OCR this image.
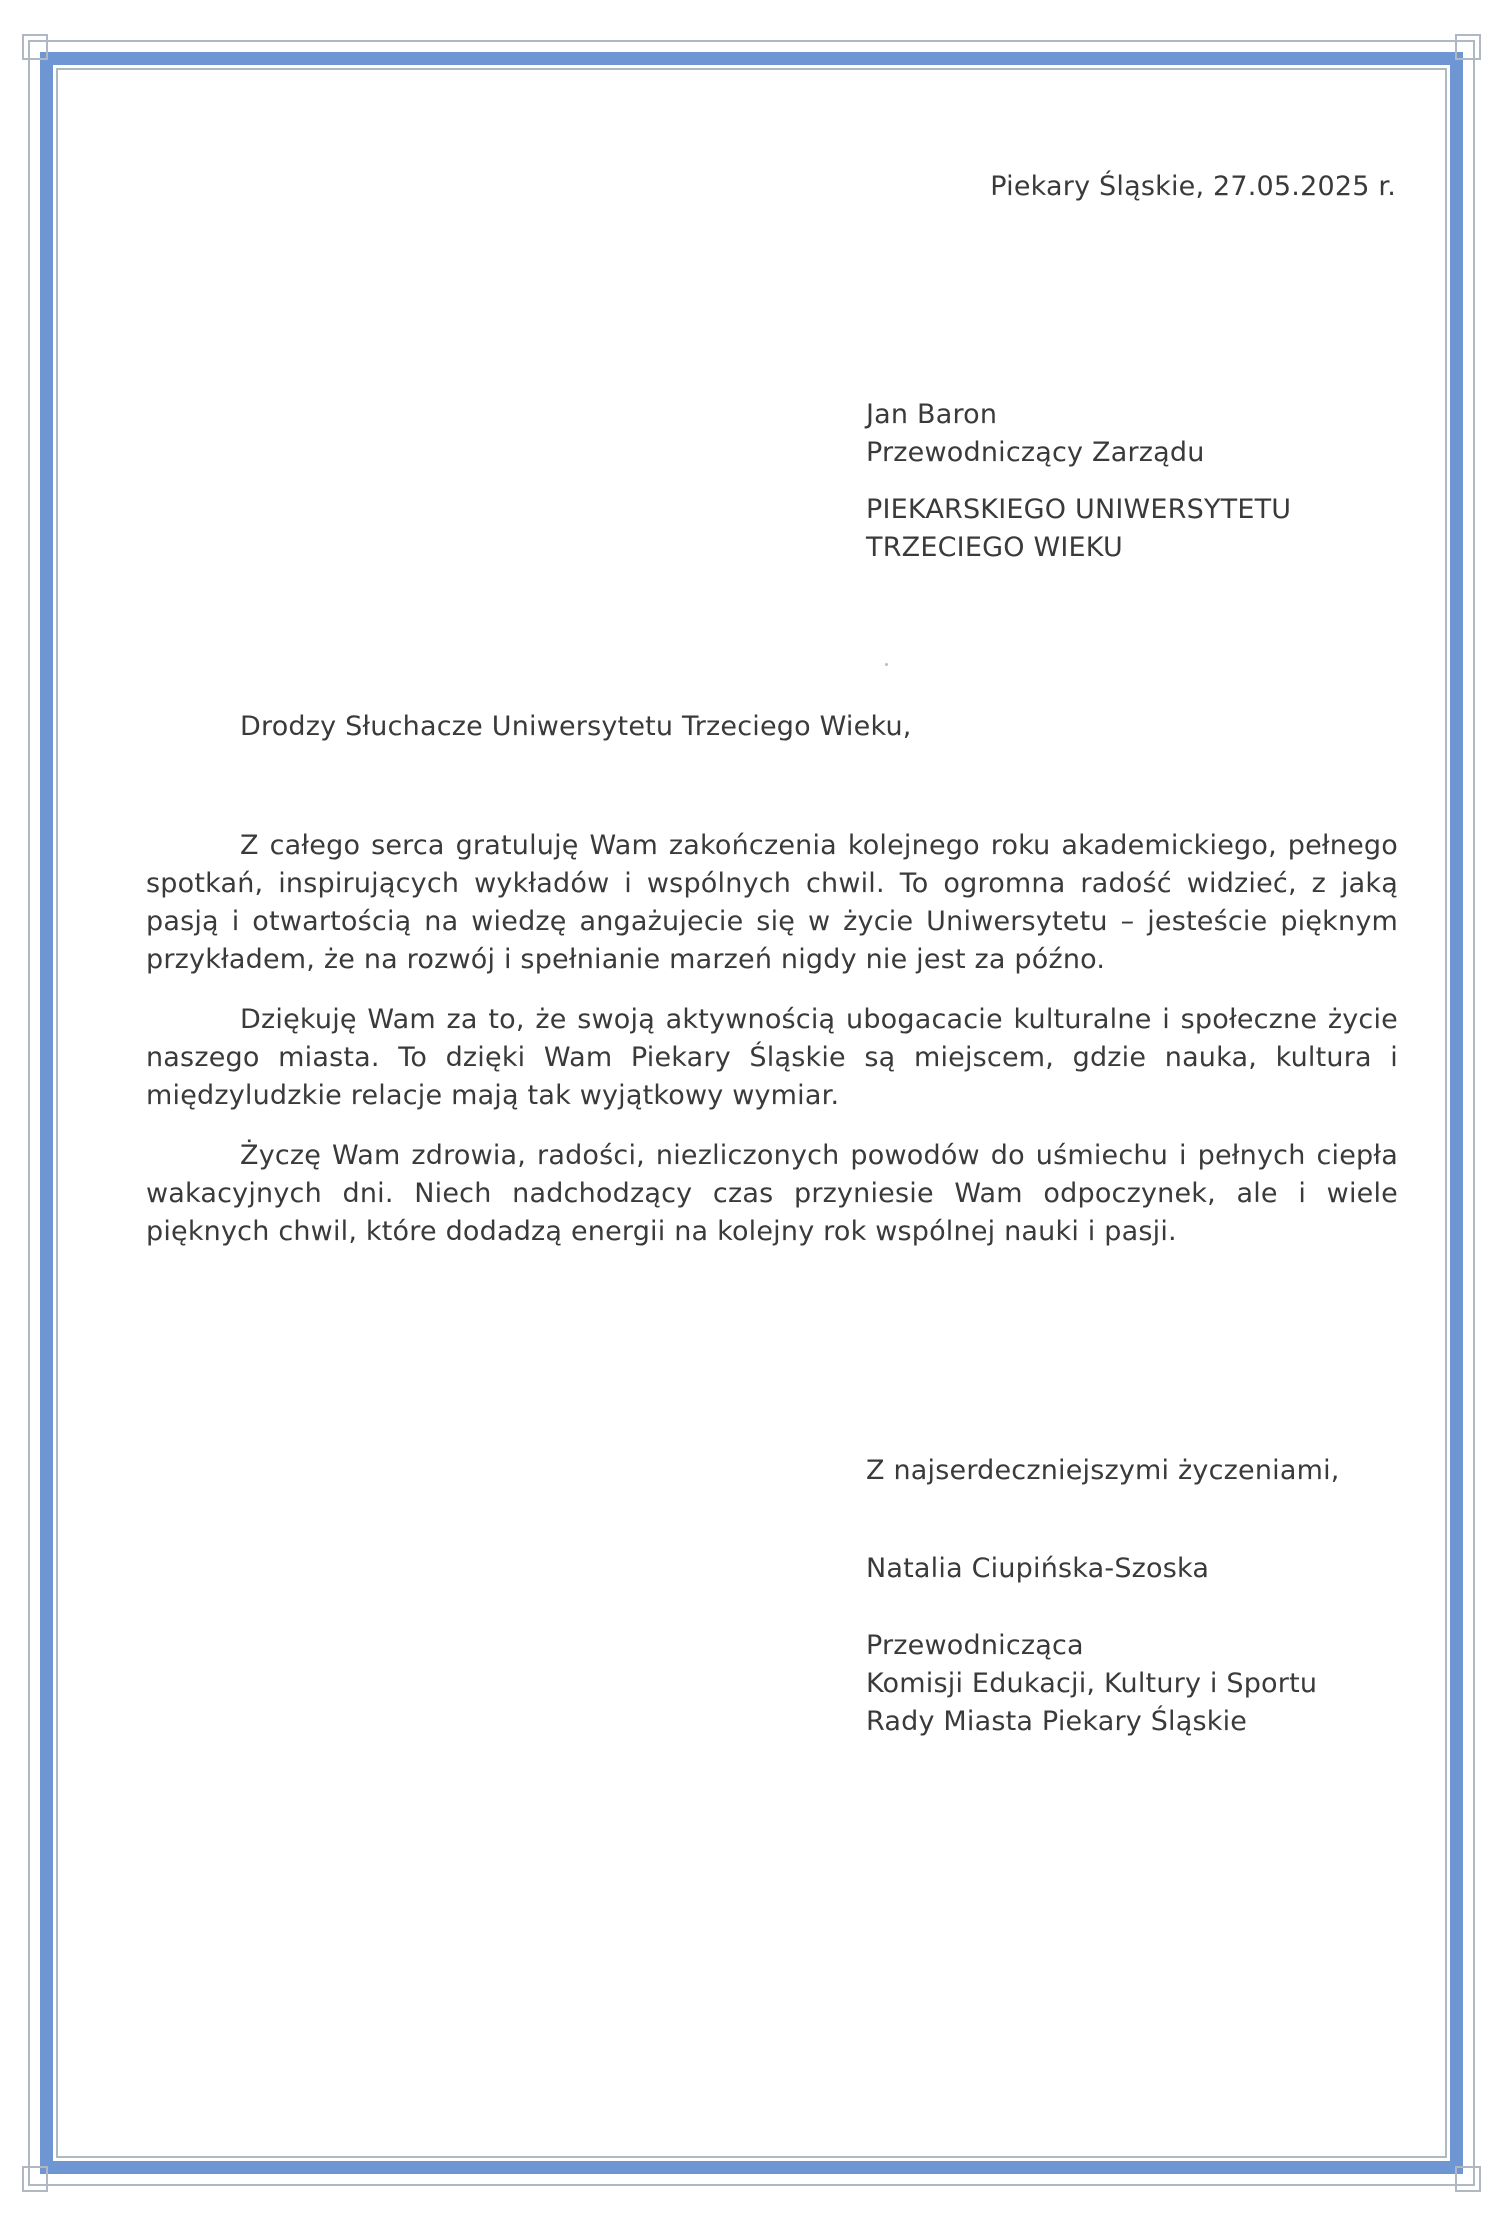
Piekary Śląskie, 27.05.2025 r.
Jan Baron
Przewodniczący Zarządu
PIEKARSKIEGO UNIWERSYTETU
TRZECIEGO WIEKU
Drodzy Słuchacze Uniwersytetu Trzeciego Wieku,

Z całego serca gratuluję Wam zakończenia kolejnego roku akademickiego, pełnego spotkań, inspirujących wykładów i wspólnych chwil. To ogromna radość widzieć, z jaką pasją i otwartością na wiedzę angażujecie się w życie Uniwersytetu – jesteście pięknym przykładem, że na rozwój i spełnianie marzeń nigdy nie jest za późno.

Dziękuję Wam za to, że swoją aktywnością ubogacacie kulturalne i społeczne życie naszego miasta. To dzięki Wam Piekary Śląskie są miejscem, gdzie nauka, kultura i międzyludzkie relacje mają tak wyjątkowy wymiar.

Życzę Wam zdrowia, radości, niezliczonych powodów do uśmiechu i pełnych ciepła wakacyjnych dni. Niech nadchodzący czas przyniesie Wam odpoczynek, ale i wiele pięknych chwil, które dodadzą energii na kolejny rok wspólnej nauki i pasji.

Z najserdeczniejszymi życzeniami,
Natalia Ciupińska-Szoska
Przewodnicząca
Komisji Edukacji, Kultury i Sportu
Rady Miasta Piekary Śląskie
